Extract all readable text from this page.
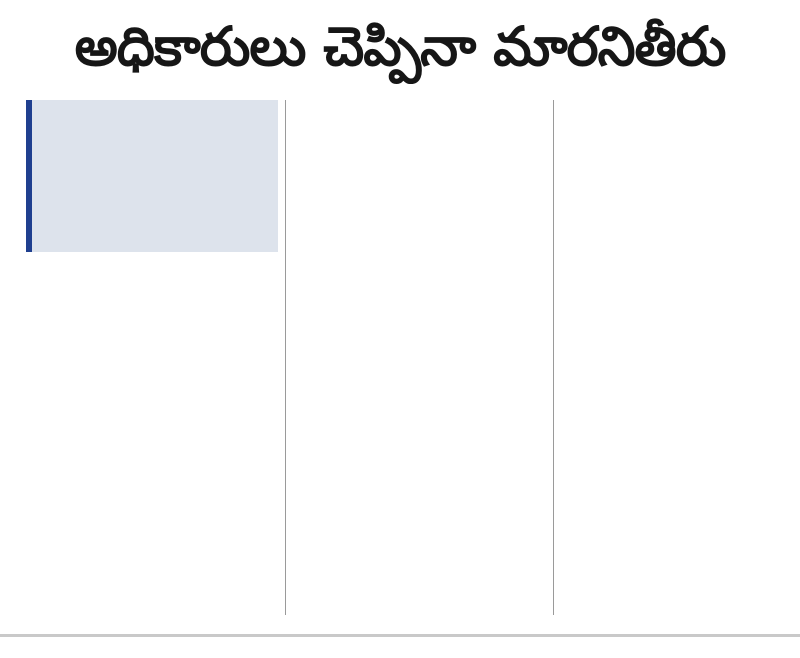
అధికారులు చెప్పినా మారనితీరు
